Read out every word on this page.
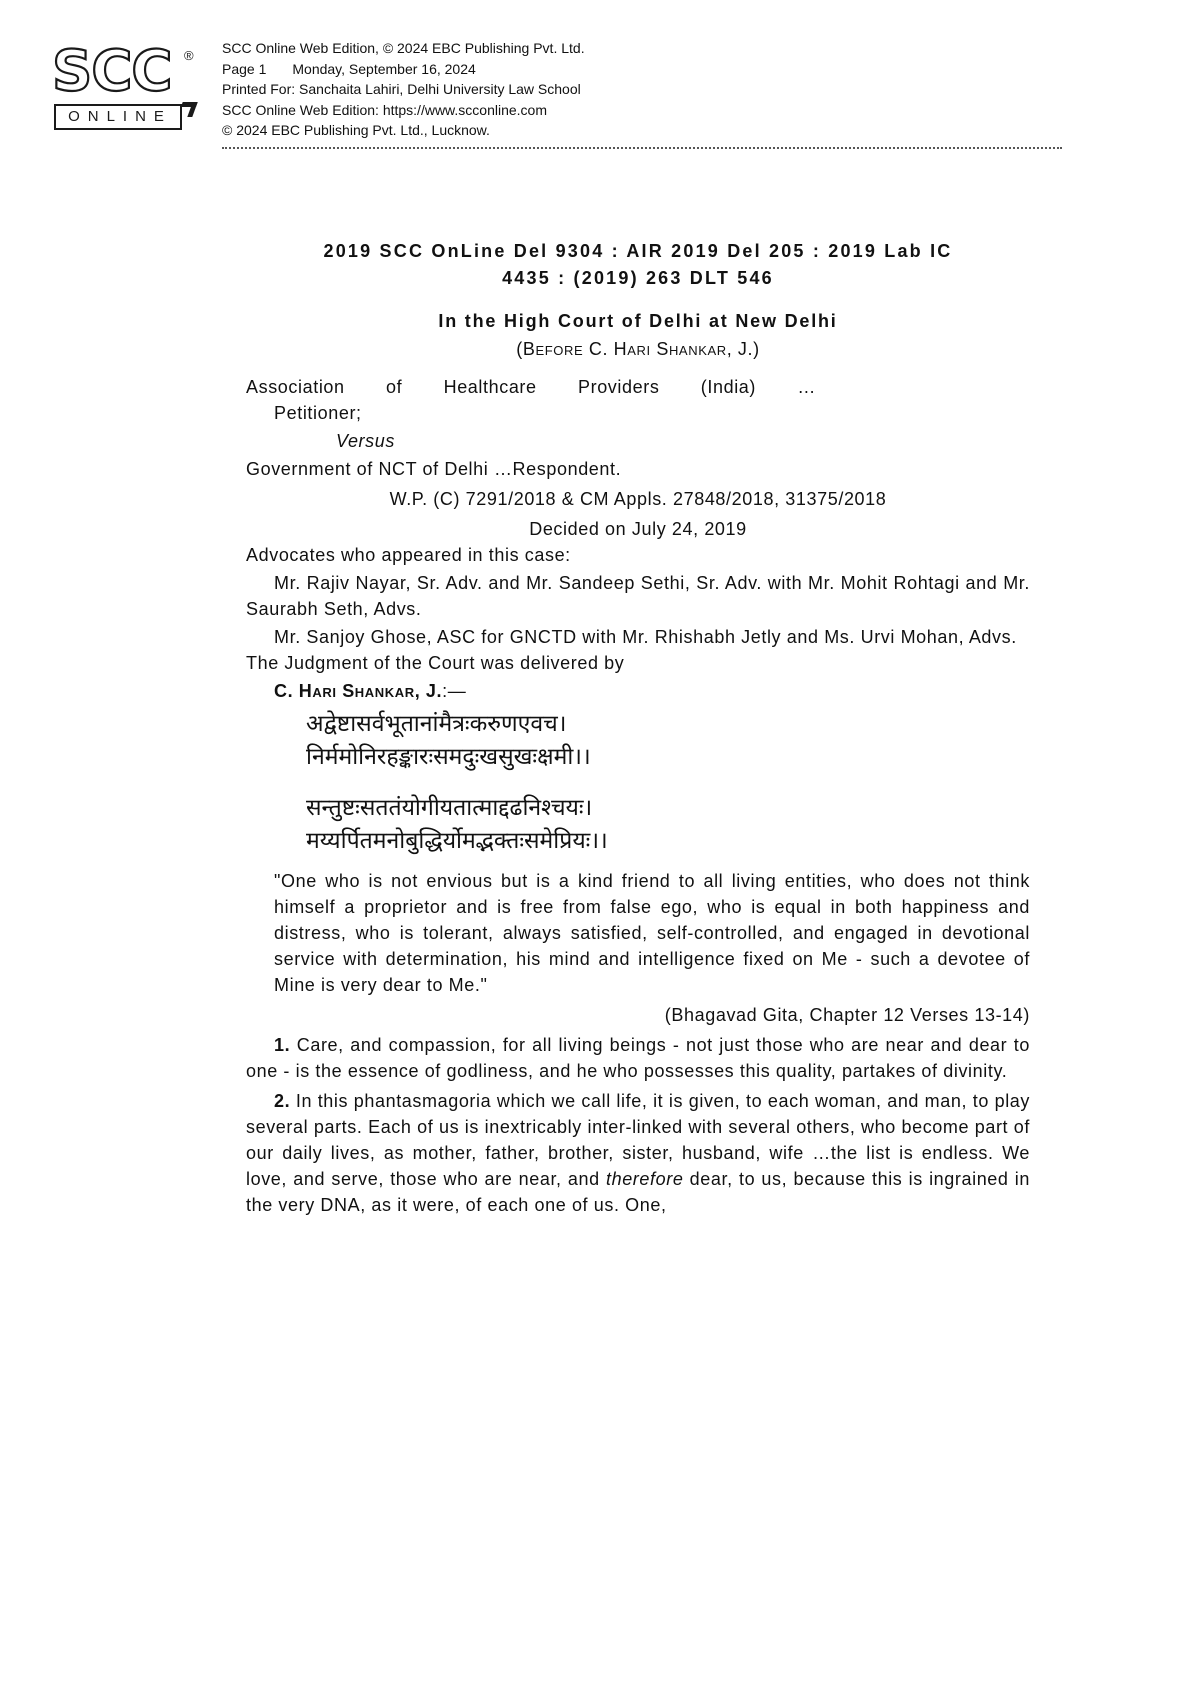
SCC ®
ONLINE
SCC Online Web Edition, © 2024 EBC Publishing Pvt. Ltd.
Page 1 Monday, September 16, 2024
Printed For: Sanchaita Lahiri, Delhi University Law School
SCC Online Web Edition: https://www.scconline.com
© 2024 EBC Publishing Pvt. Ltd., Lucknow.
2019 SCC OnLine Del 9304 : AIR 2019 Del 205 : 2019 Lab IC
4435 : (2019) 263 DLT 546
In the High Court of Delhi at New Delhi
(Before C. Hari Shankar, J.)
Association of Healthcare Providers (India) …
Petitioner;
Versus
Government of NCT of Delhi …Respondent.
W.P. (C) 7291/2018 & CM Appls. 27848/2018, 31375/2018
Decided on July 24, 2019
Advocates who appeared in this case:
Mr. Rajiv Nayar, Sr. Adv. and Mr. Sandeep Sethi, Sr. Adv. with Mr. Mohit Rohtagi and Mr. Saurabh Seth, Advs.
Mr. Sanjoy Ghose, ASC for GNCTD with Mr. Rhishabh Jetly and Ms. Urvi Mohan, Advs.
The Judgment of the Court was delivered by
C. Hari Shankar, J.:—
अद्वेष्टासर्वभूतानांमैत्रःकरुणएवच।
निर्ममोनिरहङ्कारःसमदुःखसुखःक्षमी।।
सन्तुष्टःसततंयोगीयतात्माद्दढनिश्चयः।
मय्यर्पितमनोबुद्धिर्योमद्भक्तःसमेप्रियः।।
"One who is not envious but is a kind friend to all living entities, who does not think himself a proprietor and is free from false ego, who is equal in both happiness and distress, who is tolerant, always satisfied, self-controlled, and engaged in devotional service with determination, his mind and intelligence fixed on Me - such a devotee of Mine is very dear to Me."
(Bhagavad Gita, Chapter 12 Verses 13-14)
1. Care, and compassion, for all living beings - not just those who are near and dear to one - is the essence of godliness, and he who possesses this quality, partakes of divinity.
2. In this phantasmagoria which we call life, it is given, to each woman, and man, to play several parts. Each of us is inextricably inter-linked with several others, who become part of our daily lives, as mother, father, brother, sister, husband, wife …the list is endless. We love, and serve, those who are near, and therefore dear, to us, because this is ingrained in the very DNA, as it were, of each one of us. One,
